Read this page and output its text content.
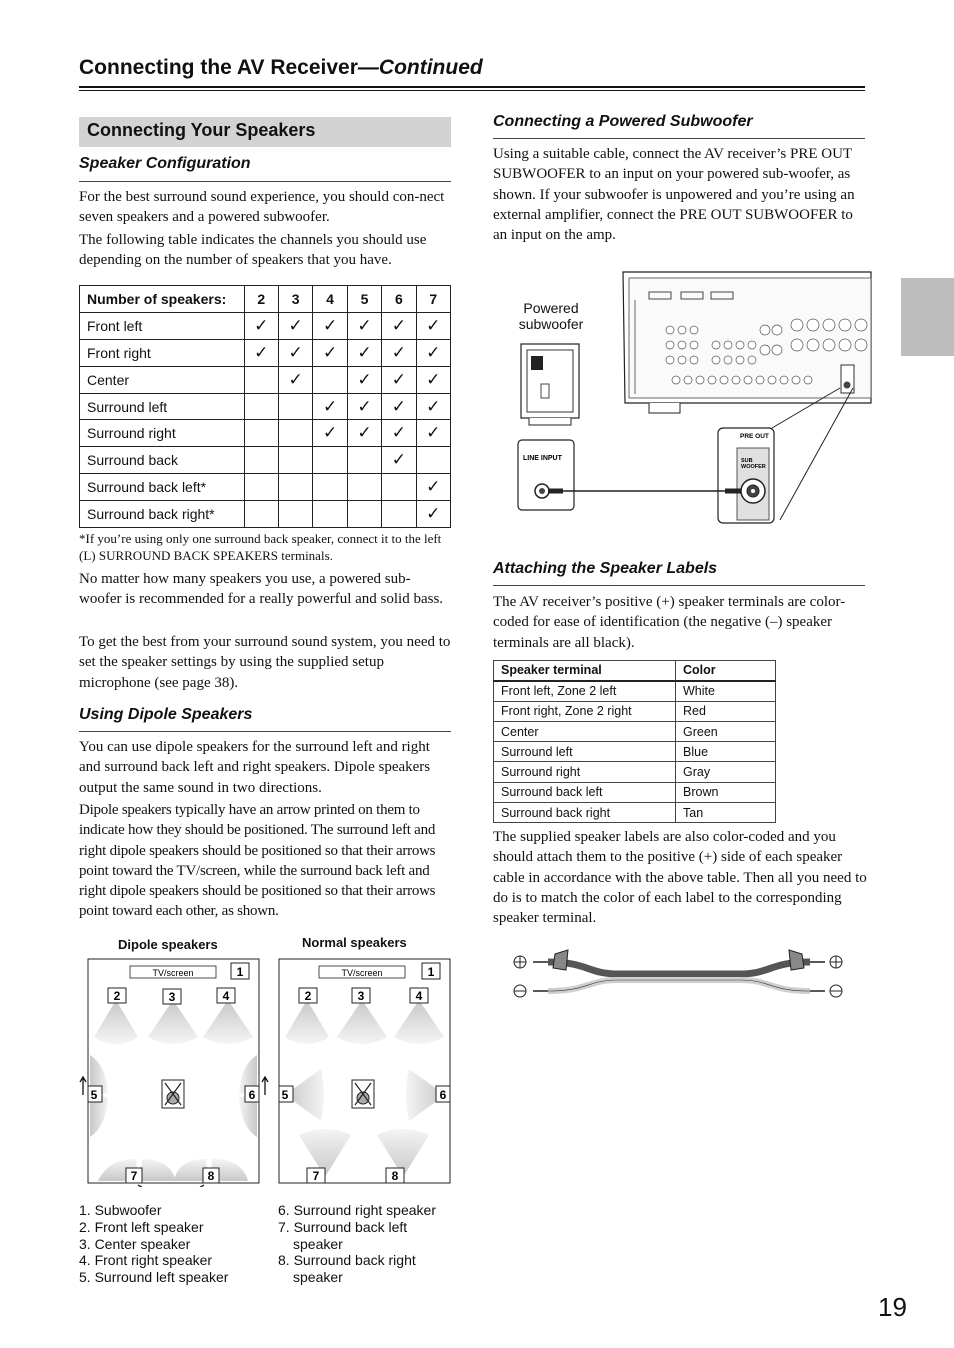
Connecting the AV Receiver—Continued
Connecting Your Speakers
Speaker Configuration
For the best surround sound experience, you should con-nect seven speakers and a powered subwoofer.
The following table indicates the channels you should use depending on the number of speakers that you have.
Number of speakers:	2	3	4	5	6	7
Front left	✓	✓	✓	✓	✓	✓
Front right	✓	✓	✓	✓	✓	✓
Center		✓		✓	✓	✓
Surround left			✓	✓	✓	✓
Surround right			✓	✓	✓	✓
Surround back					✓	
Surround back left*						✓
Surround back right*						✓
*If you’re using only one surround back speaker, connect it to the left (L) SURROUND BACK SPEAKERS terminals.
No matter how many speakers you use, a powered sub-woofer is recommended for a really powerful and solid bass.
To get the best from your surround sound system, you need to set the speaker settings by using the supplied setup microphone (see page 38).
Using Dipole Speakers
You can use dipole speakers for the surround left and right and surround back left and right speakers. Dipole speakers output the same sound in two directions.
Dipole speakers typically have an arrow printed on them to indicate how they should be positioned. The surround left and right dipole speakers should be positioned so that their arrows point toward the TV/screen, while the surround back left and right dipole speakers should be positioned so that their arrows point toward each other, as shown.
Dipole speakers	Normal speakers
TV/screen	1
2	3	4
5	6
7	8
TV/screen	1
2	3	4
5	6
7	8
1. Subwoofer
2. Front left speaker
3. Center speaker
4. Front right speaker
5. Surround left speaker
6. Surround right speaker
7. Surround back left
speaker
8. Surround back right
speaker
Connecting a Powered Subwoofer
Using a suitable cable, connect the AV receiver’s PRE OUT SUBWOOFER to an input on your powered sub-woofer, as shown. If your subwoofer is unpowered and you’re using an external amplifier, connect the PRE OUT SUBWOOFER to an input on the amp.
Powered
subwoofer
PRE OUT
SUB
WOOFER
LINE INPUT
Attaching the Speaker Labels
The AV receiver’s positive (+) speaker terminals are color-coded for ease of identification (the negative (–) speaker terminals are all black).
Speaker terminal	Color
Front left, Zone 2 left	White
Front right, Zone 2 right	Red
Center	Green
Surround left	Blue
Surround right	Gray
Surround back left	Brown
Surround back right	Tan
The supplied speaker labels are also color-coded and you should attach them to the positive (+) side of each speaker cable in accordance with the above table. Then all you need to do is to match the color of each label to the corresponding speaker terminal.
19
